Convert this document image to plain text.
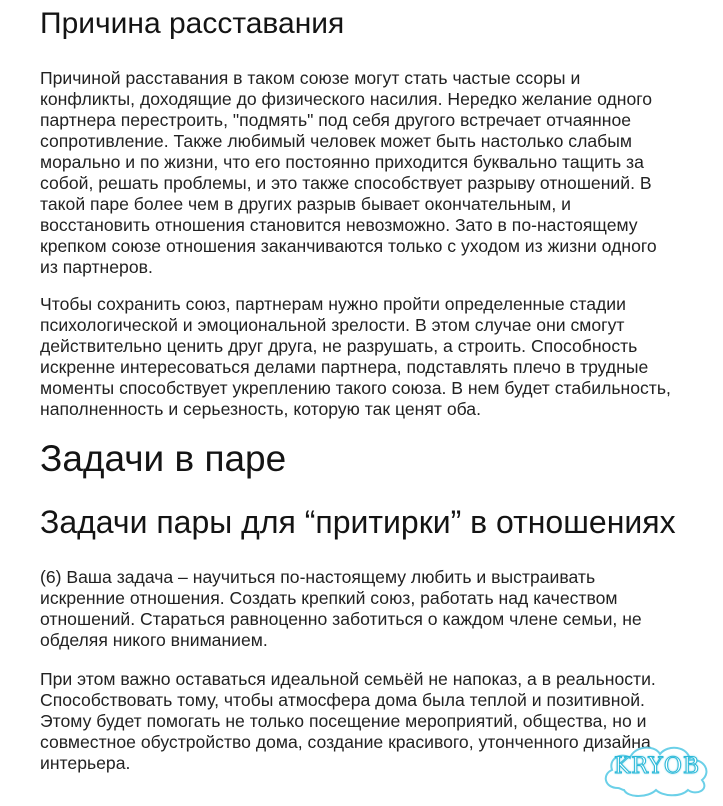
Причина расставания

Причиной расставания в таком союзе могут стать частые ссоры и
конфликты, доходящие до физического насилия. Нередко желание одного
партнера перестроить, "подмять" под себя другого встречает отчаянное
сопротивление. Также любимый человек может быть настолько слабым
морально и по жизни, что его постоянно приходится буквально тащить за
собой, решать проблемы, и это также способствует разрыву отношений. В
такой паре более чем в других разрыв бывает окончательным, и
восстановить отношения становится невозможно. Зато в по-настоящему
крепком союзе отношения заканчиваются только с уходом из жизни одного
из партнеров.

Чтобы сохранить союз, партнерам нужно пройти определенные стадии
психологической и эмоциональной зрелости. В этом случае они смогут
действительно ценить друг друга, не разрушать, а строить. Способность
искренне интересоваться делами партнера, подставлять плечо в трудные
моменты способствует укреплению такого союза. В нем будет стабильность,
наполненность и серьезность, которую так ценят оба.

Задачи в паре
Задачи пары для “притирки” в отношениях

(6) Ваша задача – научиться по-настоящему любить и выстраивать
искренние отношения. Создать крепкий союз, работать над качеством
отношений. Стараться равноценно заботиться о каждом члене семьи, не
обделяя никого вниманием.

При этом важно оставаться идеальной семьёй не напоказ, а в реальности.
Способствовать тому, чтобы атмосфера дома была теплой и позитивной.
Этому будет помогать не только посещение мероприятий, общества, но и
совместное обустройство дома, создание красивого, утонченного дизайна
интерьера.	KRYOB
